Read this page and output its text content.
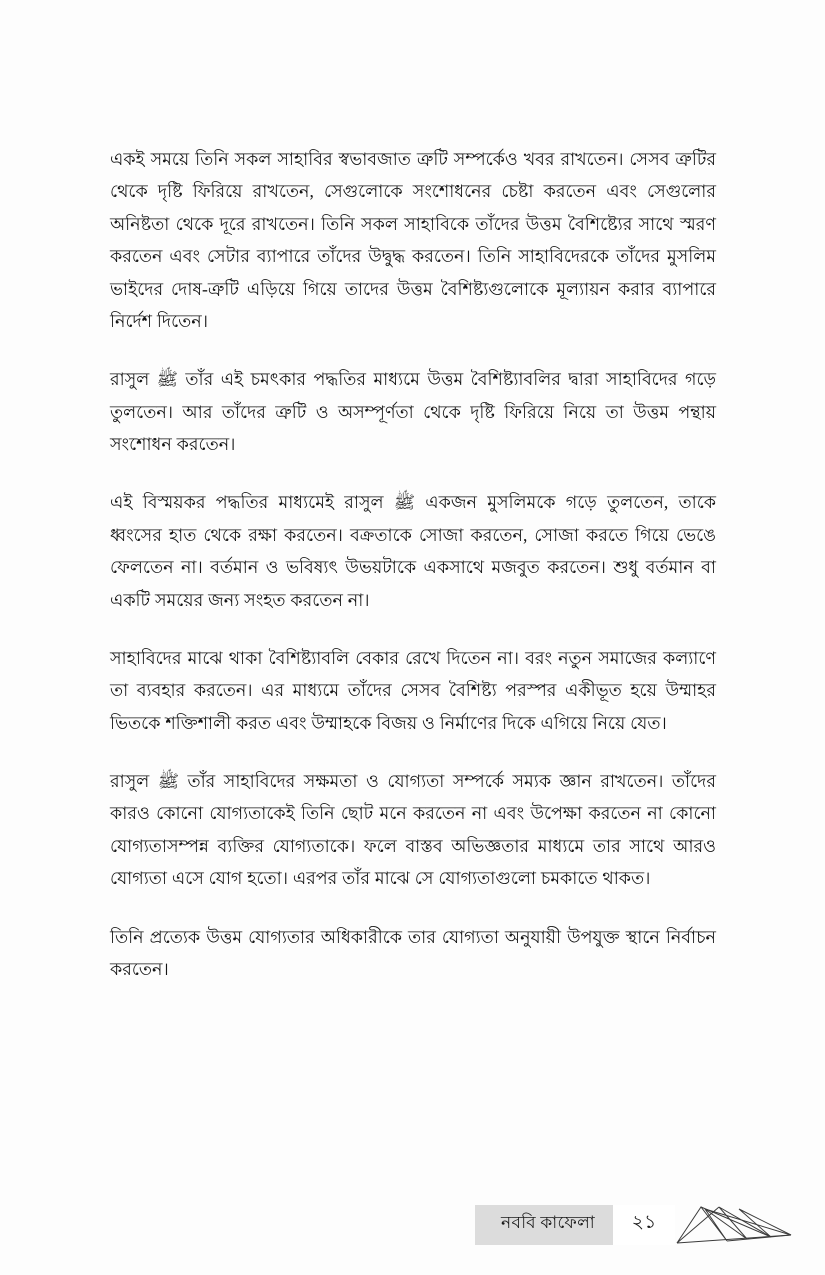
একই সময়ে তিনি সকল সাহাবির স্বভাবজাত ত্রুটি সম্পর্কেও খবর রাখতেন। সেসব ত্রুটির থেকে দৃষ্টি ফিরিয়ে রাখতেন, সেগুলোকে সংশোধনের চেষ্টা করতেন এবং সেগুলোর অনিষ্টতা থেকে দূরে রাখতেন। তিনি সকল সাহাবিকে তাঁদের উত্তম বৈশিষ্ট্যের সাথে স্মরণ করতেন এবং সেটার ব্যাপারে তাঁদের উদ্বুদ্ধ করতেন। তিনি সাহাবিদেরকে তাঁদের মুসলিম ভাইদের দোষ-ত্রুটি এড়িয়ে গিয়ে তাদের উত্তম বৈশিষ্ট্যগুলোকে মূল্যায়ন করার ব্যাপারে নির্দেশ দিতেন।

রাসুল ﷺ তাঁর এই চমৎকার পদ্ধতির মাধ্যমে উত্তম বৈশিষ্ট্যাবলির দ্বারা সাহাবিদের গড়ে তুলতেন। আর তাঁদের ত্রুটি ও অসম্পূর্ণতা থেকে দৃষ্টি ফিরিয়ে নিয়ে তা উত্তম পন্থায় সংশোধন করতেন।

এই বিস্ময়কর পদ্ধতির মাধ্যমেই রাসুল ﷺ একজন মুসলিমকে গড়ে তুলতেন, তাকে ধ্বংসের হাত থেকে রক্ষা করতেন। বক্রতাকে সোজা করতেন, সোজা করতে গিয়ে ভেঙে ফেলতেন না। বর্তমান ও ভবিষ্যৎ উভয়টাকে একসাথে মজবুত করতেন। শুধু বর্তমান বা একটি সময়ের জন্য সংহত করতেন না।

সাহাবিদের মাঝে থাকা বৈশিষ্ট্যাবলি বেকার রেখে দিতেন না। বরং নতুন সমাজের কল্যাণে তা ব্যবহার করতেন। এর মাধ্যমে তাঁদের সেসব বৈশিষ্ট্য পরস্পর একীভূত হয়ে উম্মাহর ভিতকে শক্তিশালী করত এবং উম্মাহকে বিজয় ও নির্মাণের দিকে এগিয়ে নিয়ে যেত।

রাসুল ﷺ তাঁর সাহাবিদের সক্ষমতা ও যোগ্যতা সম্পর্কে সম্যক জ্ঞান রাখতেন। তাঁদের কারও কোনো যোগ্যতাকেই তিনি ছোট মনে করতেন না এবং উপেক্ষা করতেন না কোনো যোগ্যতাসম্পন্ন ব্যক্তির যোগ্যতাকে। ফলে বাস্তব অভিজ্ঞতার মাধ্যমে তার সাথে আরও যোগ্যতা এসে যোগ হতো। এরপর তাঁর মাঝে সে যোগ্যতাগুলো চমকাতে থাকত।

তিনি প্রত্যেক উত্তম যোগ্যতার অধিকারীকে তার যোগ্যতা অনুযায়ী উপযুক্ত স্থানে নির্বাচন করতেন।

নববি কাফেলা	২১
